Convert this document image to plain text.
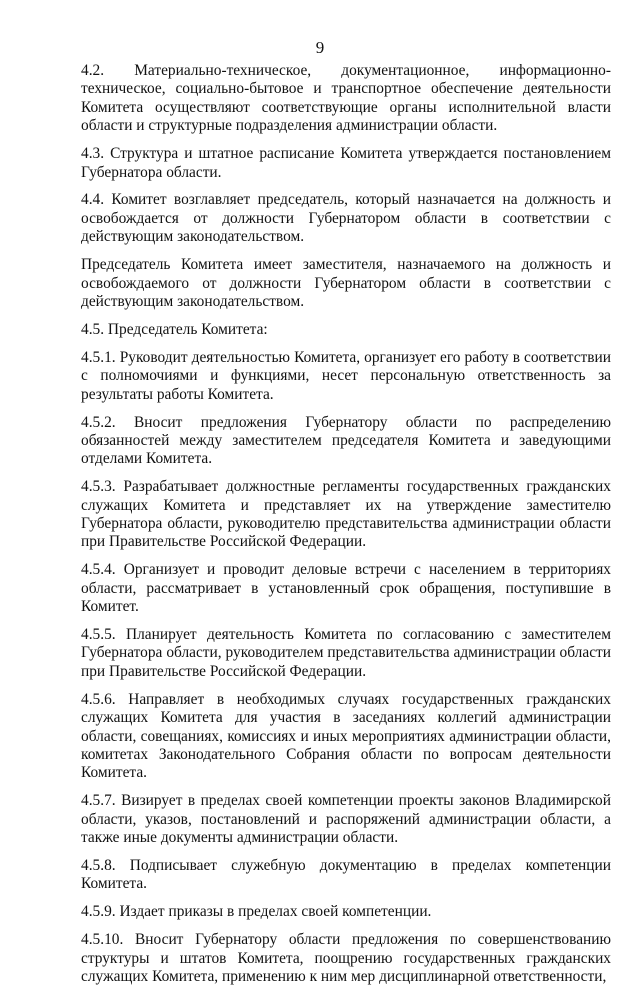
9

4.2. Материально-техническое, документационное, информационно-техническое, социально-бытовое и транспортное обеспечение деятельности Комитета осуществляют соответствующие органы исполнительной власти области и структурные подразделения администрации области.

4.3. Структура и штатное расписание Комитета утверждается постановлением Губернатора области.

4.4. Комитет возглавляет председатель, который назначается на должность и освобождается от должности Губернатором области в соответствии с действующим законодательством.

Председатель Комитета имеет заместителя, назначаемого на должность и освобождаемого от должности Губернатором области в соответствии с действующим законодательством.

4.5. Председатель Комитета:

4.5.1. Руководит деятельностью Комитета, организует его работу в соответствии с полномочиями и функциями, несет персональную ответственность за результаты работы Комитета.

4.5.2. Вносит предложения Губернатору области по распределению обязанностей между заместителем председателя Комитета и заведующими отделами Комитета.

4.5.3. Разрабатывает должностные регламенты государственных гражданских служащих Комитета и представляет их на утверждение заместителю Губернатора области, руководителю представительства администрации области при Правительстве Российской Федерации.

4.5.4. Организует и проводит деловые встречи с населением в территориях области, рассматривает в установленный срок обращения, поступившие в Комитет.

4.5.5. Планирует деятельность Комитета по согласованию с заместителем Губернатора области, руководителем представительства администрации области при Правительстве Российской Федерации.

4.5.6. Направляет в необходимых случаях государственных гражданских служащих Комитета для участия в заседаниях коллегий администрации области, совещаниях, комиссиях и иных мероприятиях администрации области, комитетах Законодательного Собрания области по вопросам деятельности Комитета.

4.5.7. Визирует в пределах своей компетенции проекты законов Владимирской области, указов, постановлений и распоряжений администрации области, а также иные документы администрации области.

4.5.8. Подписывает служебную документацию в пределах компетенции Комитета.

4.5.9. Издает приказы в пределах своей компетенции.

4.5.10. Вносит Губернатору области предложения по совершенствованию структуры и штатов Комитета, поощрению государственных гражданских служащих Комитета, применению к ним мер дисциплинарной ответственности,
